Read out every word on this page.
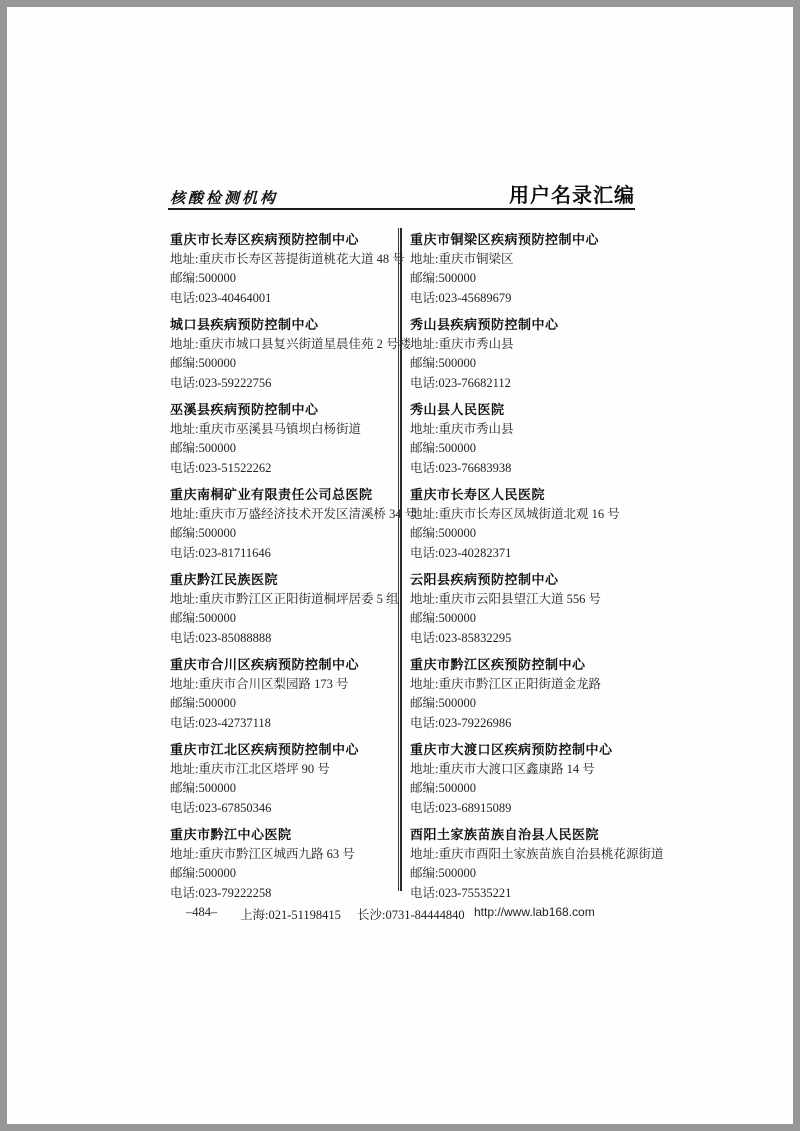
核酸检测机构	用户名录汇编
重庆市长寿区疾病预防控制中心
地址:重庆市长寿区菩提街道桃花大道 48 号
邮编:500000
电话:023-40464001
城口县疾病预防控制中心
地址:重庆市城口县复兴街道星晨佳苑 2 号楼
邮编:500000
电话:023-59222756
巫溪县疾病预防控制中心
地址:重庆市巫溪县马镇坝白杨街道
邮编:500000
电话:023-51522262
重庆南桐矿业有限责任公司总医院
地址:重庆市万盛经济技术开发区清溪桥 34 号
邮编:500000
电话:023-81711646
重庆黔江民族医院
地址:重庆市黔江区正阳街道桐坪居委 5 组
邮编:500000
电话:023-85088888
重庆市合川区疾病预防控制中心
地址:重庆市合川区梨园路 173 号
邮编:500000
电话:023-42737118
重庆市江北区疾病预防控制中心
地址:重庆市江北区塔坪 90 号
邮编:500000
电话:023-67850346
重庆市黔江中心医院
地址:重庆市黔江区城西九路 63 号
邮编:500000
电话:023-79222258
重庆市铜梁区疾病预防控制中心
地址:重庆市铜梁区
邮编:500000
电话:023-45689679
秀山县疾病预防控制中心
地址:重庆市秀山县
邮编:500000
电话:023-76682112
秀山县人民医院
地址:重庆市秀山县
邮编:500000
电话:023-76683938
重庆市长寿区人民医院
地址:重庆市长寿区凤城街道北观 16 号
邮编:500000
电话:023-40282371
云阳县疾病预防控制中心
地址:重庆市云阳县望江大道 556 号
邮编:500000
电话:023-85832295
重庆市黔江区疾预防控制中心
地址:重庆市黔江区正阳街道金龙路
邮编:500000
电话:023-79226986
重庆市大渡口区疾病预防控制中心
地址:重庆市大渡口区鑫康路 14 号
邮编:500000
电话:023-68915089
酉阳土家族苗族自治县人民医院
地址:重庆市酉阳土家族苗族自治县桃花源街道
邮编:500000
电话:023-75535221
–484– 上海:021-51198415 长沙:0731-84444840 http://www.lab168.com
